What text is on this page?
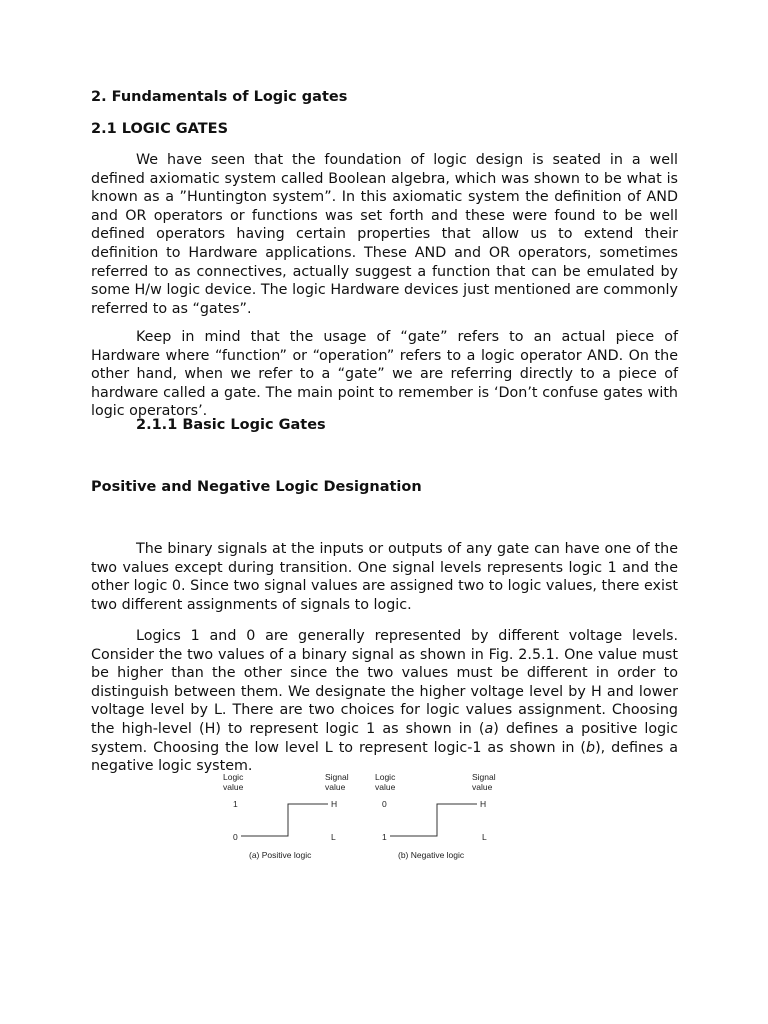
2. Fundamentals of Logic gates
2.1 LOGIC GATES

We have seen that the foundation of logic design is seated in a well defined axiomatic system called Boolean algebra, which was shown to be what is known as a ”Huntington system”. In this axiomatic system the definition of AND and OR operators or functions was set forth and these were found to be well defined operators having certain properties that allow us to extend their definition to Hardware applications. These AND and OR operators, sometimes referred to as connectives, actually suggest a function that can be emulated by some H/w logic device. The logic Hardware devices just mentioned are commonly referred to as “gates”.

Keep in mind that the usage of “gate” refers to an actual piece of Hardware where “function” or “operation” refers to a logic operator AND. On the other hand, when we refer to a “gate” we are referring directly to a piece of hardware called a gate. The main point to remember is ‘Don’t confuse gates with logic operators’.

2.1.1 Basic Logic Gates
Positive and Negative Logic Designation

The binary signals at the inputs or outputs of any gate can have one of the two values except during transition. One signal levels represents logic 1 and the other logic 0. Since two signal values are assigned two to logic values, there exist two different assignments of signals to logic.

Logics 1 and 0 are generally represented by different voltage levels. Consider the two values of a binary signal as shown in Fig. 2.5.1. One value must be higher than the other since the two values must be different in order to distinguish between them. We designate the higher voltage level by H and lower voltage level by L. There are two choices for logic values assignment. Choosing the high-level (H) to represent logic 1 as shown in (a) defines a positive logic system. Choosing the low level L to represent logic-1 as shown in (b), defines a negative logic system.

Logic
value
Signal
value
1	H
0	L
(a) Positive logic
Logic
value
Signal
value
0	H
1	L
(b) Negative logic
